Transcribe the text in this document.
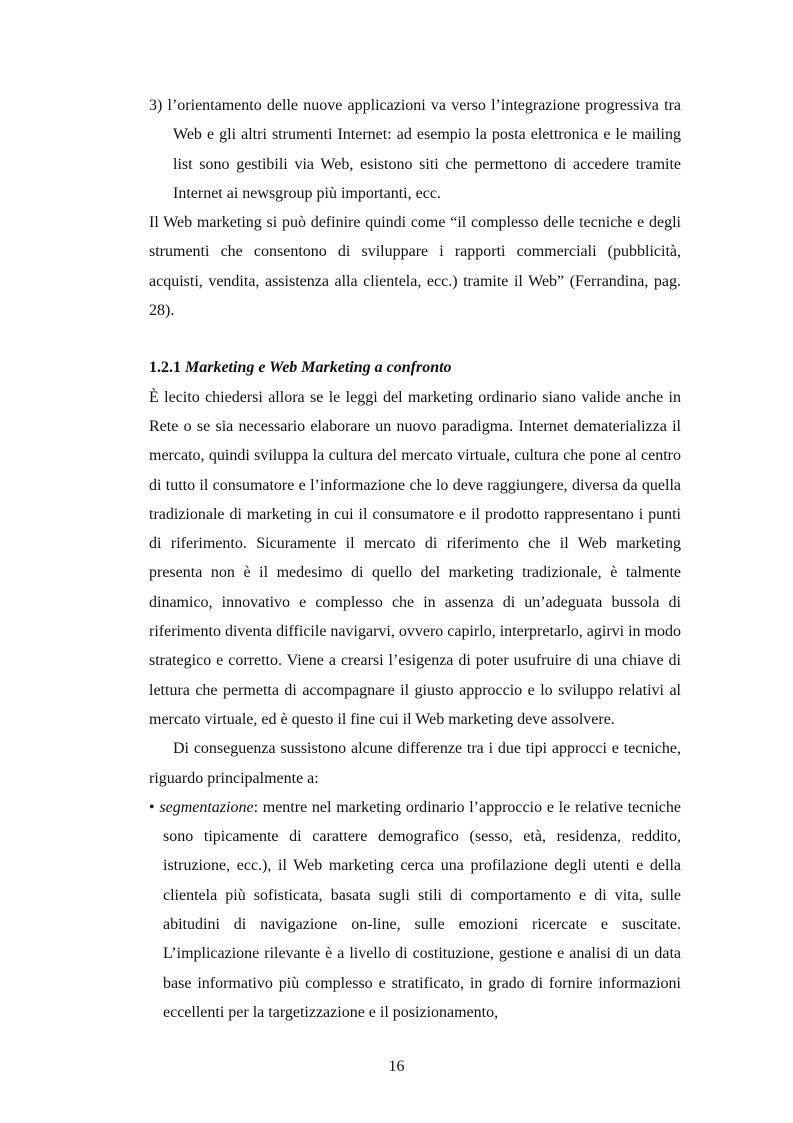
3) l’orientamento delle nuove applicazioni va verso l’integrazione progressiva tra Web e gli altri strumenti Internet: ad esempio la posta elettronica e le mailing list sono gestibili via Web, esistono siti che permettono di accedere tramite Internet ai newsgroup più importanti, ecc.

Il Web marketing si può definire quindi come “il complesso delle tecniche e degli strumenti che consentono di sviluppare i rapporti commerciali (pubblicità, acquisti, vendita, assistenza alla clientela, ecc.) tramite il Web” (Ferrandina, pag. 28).

1.2.1 Marketing e Web Marketing a confronto

È lecito chiedersi allora se le leggi del marketing ordinario siano valide anche in Rete o se sia necessario elaborare un nuovo paradigma. Internet dematerializza il mercato, quindi sviluppa la cultura del mercato virtuale, cultura che pone al centro di tutto il consumatore e l’informazione che lo deve raggiungere, diversa da quella tradizionale di marketing in cui il consumatore e il prodotto rappresentano i punti di riferimento. Sicuramente il mercato di riferimento che il Web marketing presenta non è il medesimo di quello del marketing tradizionale, è talmente dinamico, innovativo e complesso che in assenza di un’adeguata bussola di riferimento diventa difficile navigarvi, ovvero capirlo, interpretarlo, agirvi in modo strategico e corretto. Viene a crearsi l’esigenza di poter usufruire di una chiave di lettura che permetta di accompagnare il giusto approccio e lo sviluppo relativi al mercato virtuale, ed è questo il fine cui il Web marketing deve assolvere.

Di conseguenza sussistono alcune differenze tra i due tipi approcci e tecniche, riguardo principalmente a:

• segmentazione: mentre nel marketing ordinario l’approccio e le relative tecniche sono tipicamente di carattere demografico (sesso, età, residenza, reddito, istruzione, ecc.), il Web marketing cerca una profilazione degli utenti e della clientela più sofisticata, basata sugli stili di comportamento e di vita, sulle abitudini di navigazione on-line, sulle emozioni ricercate e suscitate. L’implicazione rilevante è a livello di costituzione, gestione e analisi di un data base informativo più complesso e stratificato, in grado di fornire informazioni eccellenti per la targetizzazione e il posizionamento,

16
